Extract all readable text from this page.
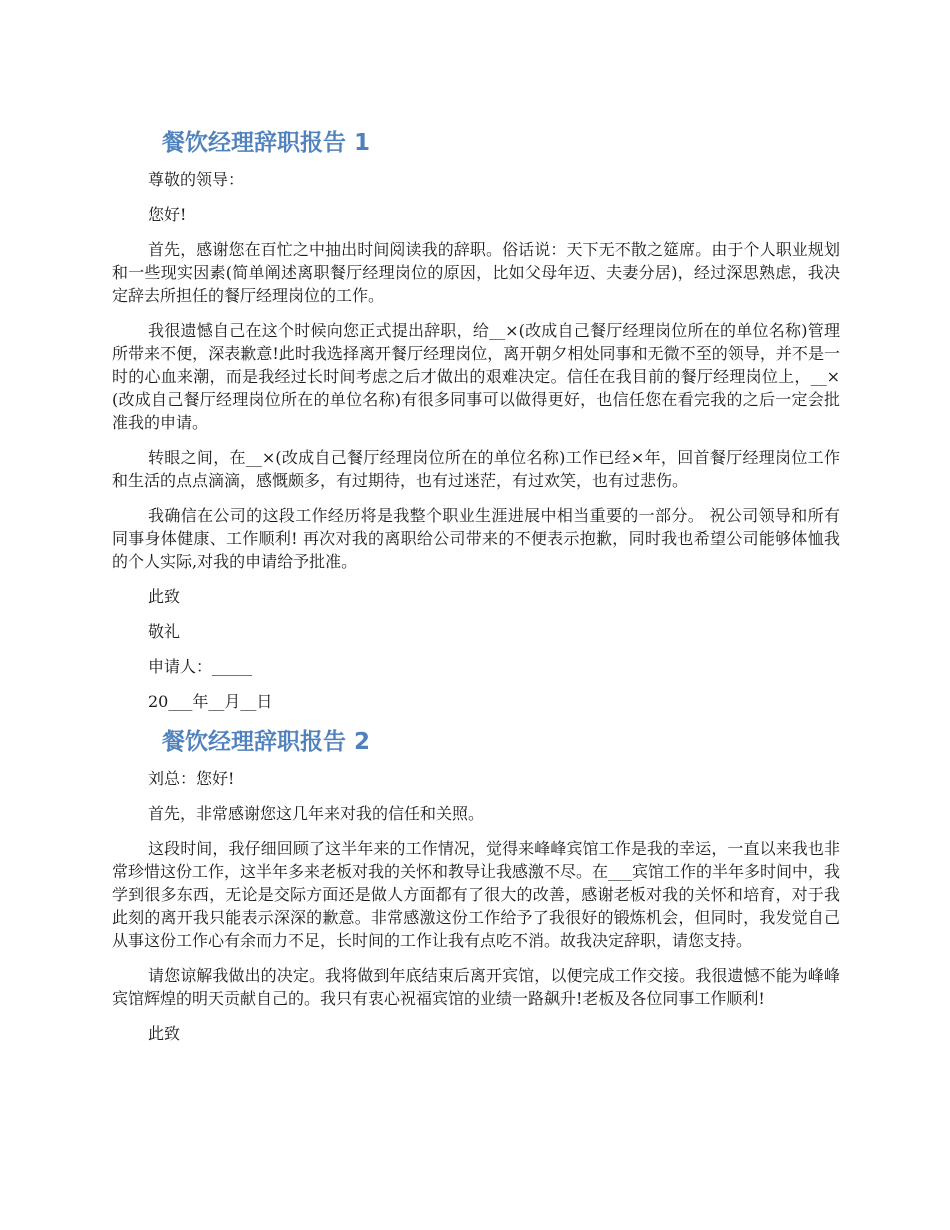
餐饮经理辞职报告 1

尊敬的领导：

您好!

首先，感谢您在百忙之中抽出时间阅读我的辞职。俗话说：天下无不散之筵席。由于个人职业规划和一些现实因素(简单阐述离职餐厅经理岗位的原因，比如父母年迈、夫妻分居)，经过深思熟虑，我决定辞去所担任的餐厅经理岗位的工作。

我很遗憾自己在这个时候向您正式提出辞职，给__×(改成自己餐厅经理岗位所在的单位名称)管理所带来不便，深表歉意!此时我选择离开餐厅经理岗位，离开朝夕相处同事和无微不至的领导，并不是一时的心血来潮，而是我经过长时间考虑之后才做出的艰难决定。信任在我目前的餐厅经理岗位上，__×(改成自己餐厅经理岗位所在的单位名称)有很多同事可以做得更好，也信任您在看完我的之后一定会批准我的申请。

转眼之间，在__×(改成自己餐厅经理岗位所在的单位名称)工作已经×年，回首餐厅经理岗位工作和生活的点点滴滴，感慨颇多，有过期待，也有过迷茫，有过欢笑，也有过悲伤。

我确信在公司的这段工作经历将是我整个职业生涯进展中相当重要的一部分。 祝公司领导和所有同事身体健康、工作顺利! 再次对我的离职给公司带来的不便表示抱歉，同时我也希望公司能够体恤我的个人实际,对我的申请给予批准。

此致

敬礼

申请人：_____

20___年__月__日

餐饮经理辞职报告 2

刘总：您好!

首先，非常感谢您这几年来对我的信任和关照。

这段时间，我仔细回顾了这半年来的工作情况，觉得来峰峰宾馆工作是我的幸运，一直以来我也非常珍惜这份工作，这半年多来老板对我的关怀和教导让我感激不尽。在___宾馆工作的半年多时间中，我学到很多东西，无论是交际方面还是做人方面都有了很大的改善，感谢老板对我的关怀和培育，对于我此刻的离开我只能表示深深的歉意。非常感激这份工作给予了我很好的锻炼机会，但同时，我发觉自己从事这份工作心有余而力不足，长时间的工作让我有点吃不消。故我决定辞职，请您支持。

请您谅解我做出的决定。我将做到年底结束后离开宾馆，以便完成工作交接。我很遗憾不能为峰峰宾馆辉煌的明天贡献自己的。我只有衷心祝福宾馆的业绩一路飙升!老板及各位同事工作顺利!

此致
